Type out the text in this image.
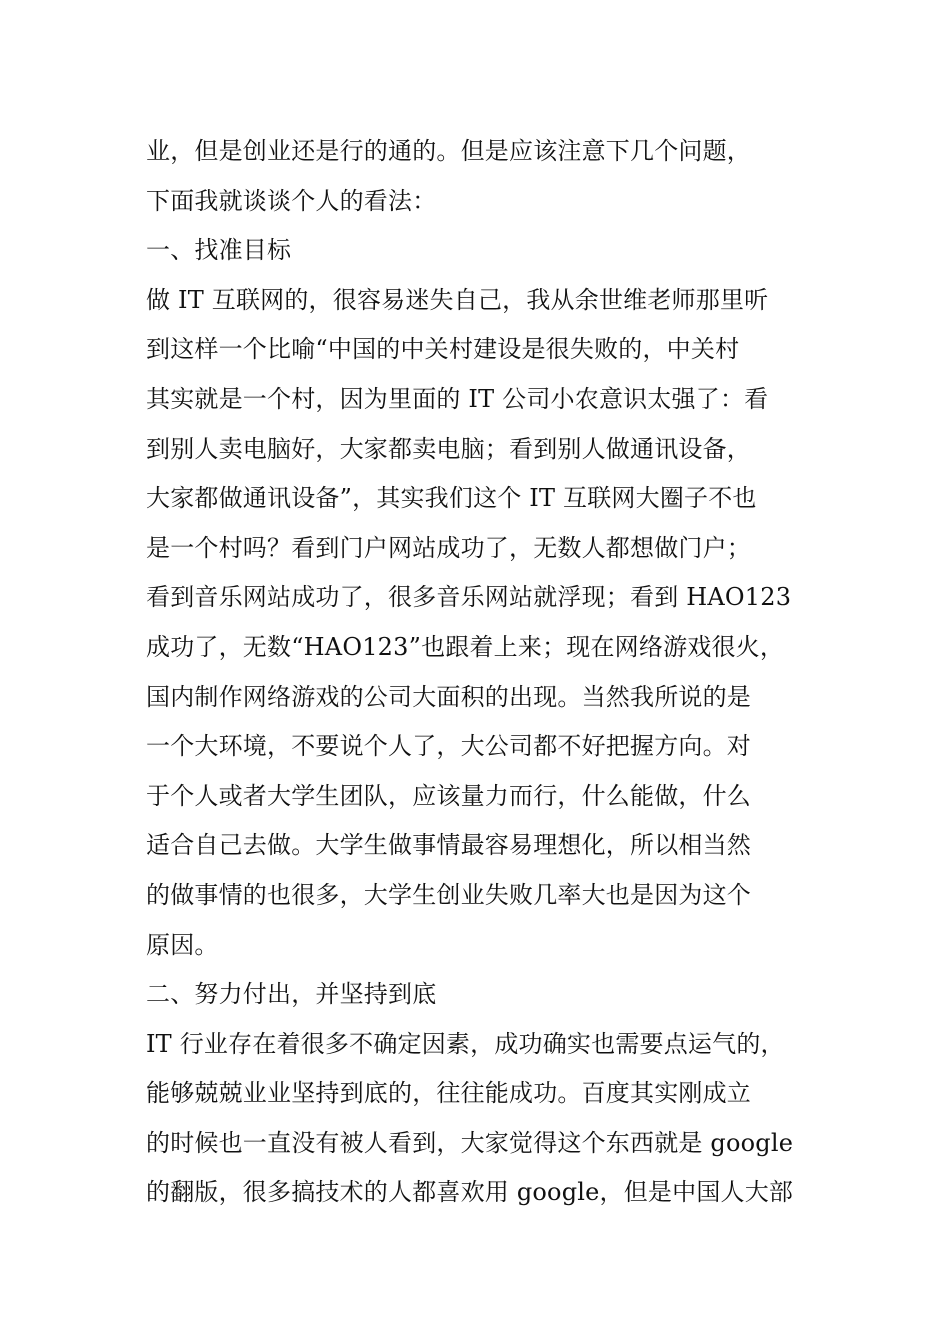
业，但是创业还是行的通的。但是应该注意下几个问题，
下面我就谈谈个人的看法：
一、找准目标
做 IT 互联网的，很容易迷失自己，我从余世维老师那里听
到这样一个比喻“中国的中关村建设是很失败的，中关村
其实就是一个村，因为里面的 IT 公司小农意识太强了：看
到别人卖电脑好，大家都卖电脑；看到别人做通讯设备，
大家都做通讯设备”，其实我们这个 IT 互联网大圈子不也
是一个村吗？看到门户网站成功了，无数人都想做门户；
看到音乐网站成功了，很多音乐网站就浮现；看到 HAO123
成功了，无数“HAO123”也跟着上来；现在网络游戏很火，
国内制作网络游戏的公司大面积的出现。当然我所说的是
一个大环境，不要说个人了，大公司都不好把握方向。对
于个人或者大学生团队，应该量力而行，什么能做，什么
适合自己去做。大学生做事情最容易理想化，所以相当然
的做事情的也很多，大学生创业失败几率大也是因为这个
原因。
二、努力付出，并坚持到底
IT 行业存在着很多不确定因素，成功确实也需要点运气的，
能够兢兢业业坚持到底的，往往能成功。百度其实刚成立
的时候也一直没有被人看到，大家觉得这个东西就是 google
的翻版，很多搞技术的人都喜欢用 google，但是中国人大部
